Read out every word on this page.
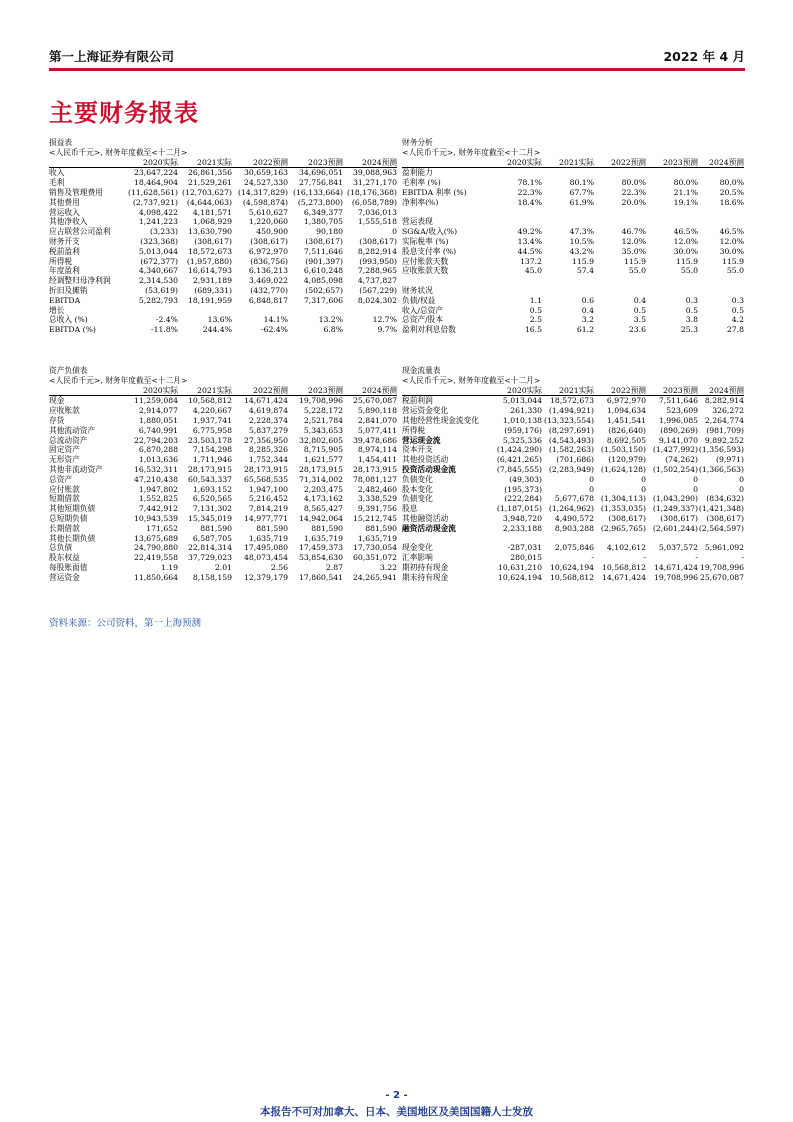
第一上海证券有限公司	2022 年 4 月
主要财务报表
损益表
<人民币千元>, 财务年度截至<十二月>
	2020实际	2021实际	2022预测	2023预测	2024预测
收入	23,647,224	26,861,356	30,659,163	34,696,051	39,088,963
毛利	18,464,904	21,529,261	24,527,330	27,756,841	31,271,170
销售及管理费用	(11,628,561)	(12,703,627)	(14,317,829)	(16,133,664)	(18,176,368)
其他费用	(2,737,921)	(4,644,063)	(4,598,874)	(5,273,800)	(6,058,789)
营运收入	4,098,422	4,181,571	5,610,627	6,349,377	7,036,013
其他净收入	1,241,223	1,068,929	1,220,060	1,380,705	1,555,518
应占联营公司盈利	(3,233)	13,630,790	450,900	90,180	0
财务开支	(323,368)	(308,617)	(308,617)	(308,617)	(308,617)
税前盈利	5,013,044	18,572,673	6,972,970	7,511,646	8,282,914
所得税	(672,377)	(1,957,880)	(836,756)	(901,397)	(993,950)
年度盈利	4,340,667	16,614,793	6,136,213	6,610,248	7,288,965
经调整归母净利润	2,314,530	2,931,189	3,469,022	4,085,098	4,737,827
折旧及摊销	(53,619)	(689,331)	(432,770)	(502,657)	(567,229)
EBITDA	5,282,793	18,191,959	6,848,817	7,317,606	8,024,302
增长					
总收入 (%)	-2.4%	13.6%	14.1%	13.2%	12.7%
EBITDA (%)	-11.8%	244.4%	-62.4%	6.8%	9.7%
财务分析
<人民币千元>, 财务年度截至<十二月>
	2020实际	2021实际	2022预测	2023预测	2024预测
盈利能力					
毛利率 (%)	78.1%	80.1%	80.0%	80.0%	80.0%
EBITDA 利率 (%)	22.3%	67.7%	22.3%	21.1%	20.5%
净利率(%)	18.4%	61.9%	20.0%	19.1%	18.6%

营运表现					
SG&A/收入(%)	49.2%	47.3%	46.7%	46.5%	46.5%
实际税率 (%)	13.4%	10.5%	12.0%	12.0%	12.0%
股息支付率 (%)	44.5%	43.2%	35.0%	30.0%	30.0%
应付账款天数	137.2	115.9	115.9	115.9	115.9
应收账款天数	45.0	57.4	55.0	55.0	55.0

财务状况					
负债/权益	1.1	0.6	0.4	0.3	0.3
收入/总资产	0.5	0.4	0.5	0.5	0.5
总资产/股本	2.5	3.2	3.5	3.8	4.2
盈利对利息倍数	16.5	61.2	23.6	25.3	27.8
资产负债表
<人民币千元>, 财务年度截至<十二月>
	2020实际	2021实际	2022预测	2023预测	2024预测
现金	11,259,084	10,568,812	14,671,424	19,708,996	25,670,087
应收账款	2,914,077	4,220,667	4,619,874	5,228,172	5,890,118
存货	1,880,051	1,937,741	2,228,374	2,521,784	2,841,070
其他流动资产	6,740,991	6,775,958	5,837,279	5,343,653	5,077,411
总流动资产	22,794,203	23,503,178	27,356,950	32,802,605	39,478,686
固定资产	6,870,288	7,154,298	8,285,326	8,715,905	8,974,114
无形资产	1,013,636	1,711,946	1,752,344	1,621,577	1,454,411
其他非流动资产	16,532,311	28,173,915	28,173,915	28,173,915	28,173,915
总资产	47,210,438	60,543,337	65,568,535	71,314,002	78,081,127
应付账款	1,947,802	1,693,152	1,947,100	2,203,475	2,482,460
短期借款	1,552,825	6,520,565	5,216,452	4,173,162	3,338,529
其他短期负债	7,442,912	7,131,302	7,814,219	8,565,427	9,391,756
总短期负债	10,943,539	15,345,019	14,977,771	14,942,064	15,212,745
长期借款	171,652	881,590	881,590	881,590	881,590
其他长期负债	13,675,689	6,587,705	1,635,719	1,635,719	1,635,719
总负债	24,790,880	22,814,314	17,495,080	17,459,373	17,730,054
股东权益	22,419,558	37,729,023	48,073,454	53,854,630	60,351,072
每股账面值	1.19	2.01	2.56	2.87	3.22
营运资金	11,850,664	8,158,159	12,379,179	17,860,541	24,265,941
现金流量表
<人民币千元>, 财务年度截至<十二月>
	2020实际	2021实际	2022预测	2023预测	2024预测
税前利润	5,013,044	18,572,673	6,972,970	7,511,646	8,282,914
营运资金变化	261,330	(1,494,921)	1,094,634	523,609	326,272
其他经营性现金流变化	1,010,138	(13,323,554)	1,451,541	1,996,085	2,264,774
所得税	(959,176)	(8,297,691)	(826,640)	(890,269)	(981,709)
营运现金流	5,325,336	(4,543,493)	8,692,505	9,141,070	9,892,252
资本开支	(1,424,290)	(1,582,263)	(1,503,150)	(1,427,992)	(1,356,593)
其他投资活动	(6,421,265)	(701,686)	(120,979)	(74,262)	(9,971)
投资活动现金流	(7,845,555)	(2,283,949)	(1,624,128)	(1,502,254)	(1,366,563)
负债变化	(49,303)	0	0	0	0
股本变化	(195,373)	0	0	0	0
负债变化	(222,284)	5,677,678	(1,304,113)	(1,043,290)	(834,632)
股息	(1,187,015)	(1,264,962)	(1,353,035)	(1,249,337)	(1,421,348)
其他融资活动	3,948,720	4,490,572	(308,617)	(308,617)	(308,617)
融资活动现金流	2,233,188	8,903,288	(2,965,765)	(2,601,244)	(2,564,597)

现金变化	-287,031	2,075,846	4,102,612	5,037,572	5,961,092
汇率影响	280,015	-	-	-	-
期初持有现金	10,631,210	10,624,194	10,568,812	14,671,424	19,708,996
期末持有现金	10,624,194	10,568,812	14,671,424	19,708,996	25,670,087
资料来源：公司资料，第一上海预测
- 2 -
本报告不可对加拿大、日本、美国地区及美国国籍人士发放
